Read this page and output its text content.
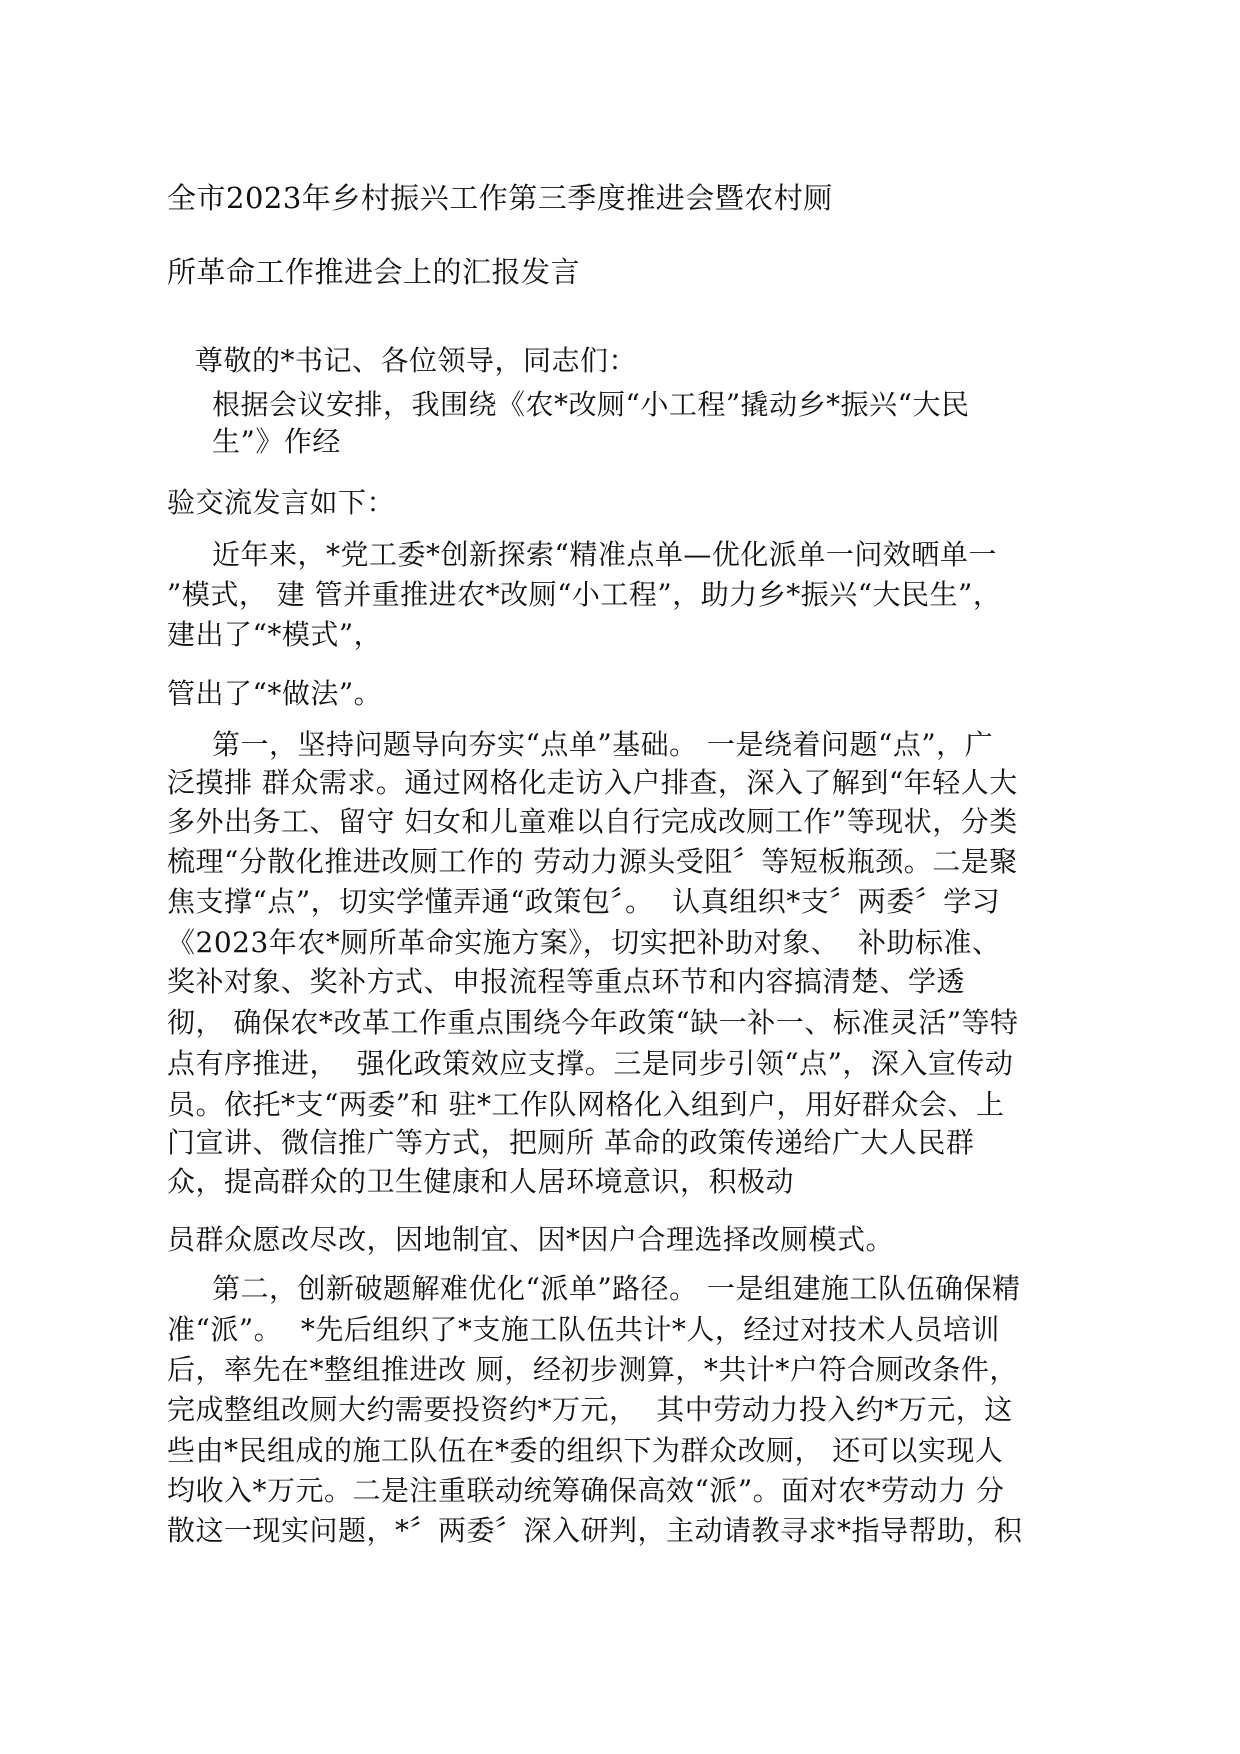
全市2023年乡村振兴工作第三季度推进会暨农村厕
所革命工作推进会上的汇报发言
尊敬的*书记、各位领导，同志们：
根据会议安排，我围绕《农*改厕“小工程”撬动乡*振兴“大民
生”》作经
验交流发言如下：
近年来，*党工委*创新探索“精准点单—优化派单一问效晒单一
”模式， 建 管并重推进农*改厕“小工程”，助力乡*振兴“大民生”，
建出了“*模式”，
管出了“*做法”。
第一，坚持问题导向夯实“点单”基础。 一是绕着问题“点”，广
泛摸排 群众需求。通过网格化走访入户排查，深入了解到“年轻人大
多外出务工、留守 妇女和儿童难以自行完成改厕工作”等现状，分类
梳理“分散化推进改厕工作的 劳动力源头受阻〞等短板瓶颈。二是聚
焦支撑“点”，切实学懂弄通“政策包〞。  认真组织*支〞两委〞学习
《2023年农*厕所革命实施方案》，切实把补助对象、  补助标准、
奖补对象、奖补方式、申报流程等重点环节和内容搞清楚、学透
彻， 确保农*改革工作重点围绕今年政策“缺一补一、标准灵活”等特
点有序推进，  强化政策效应支撑。三是同步引领“点”，深入宣传动
员。依托*支“两委”和 驻*工作队网格化入组到户，用好群众会、上
门宣讲、微信推广等方式，把厕所 革命的政策传递给广大人民群
众，提高群众的卫生健康和人居环境意识，积极动
员群众愿改尽改，因地制宜、因*因户合理选择改厕模式。
第二，创新破题解难优化“派单”路径。 一是组建施工队伍确保精
准“派”。  *先后组织了*支施工队伍共计*人，经过对技术人员培训
后，率先在*整组推进改 厕，经初步测算，*共计*户符合厕改条件，
完成整组改厕大约需要投资约*万元，  其中劳动力投入约*万元，这
些由*民组成的施工队伍在*委的组织下为群众改厕， 还可以实现人
均收入*万元。二是注重联动统筹确保高效“派”。面对农*劳动力 分
散这一现实问题，*〞两委〞深入研判，主动请教寻求*指导帮助，积
